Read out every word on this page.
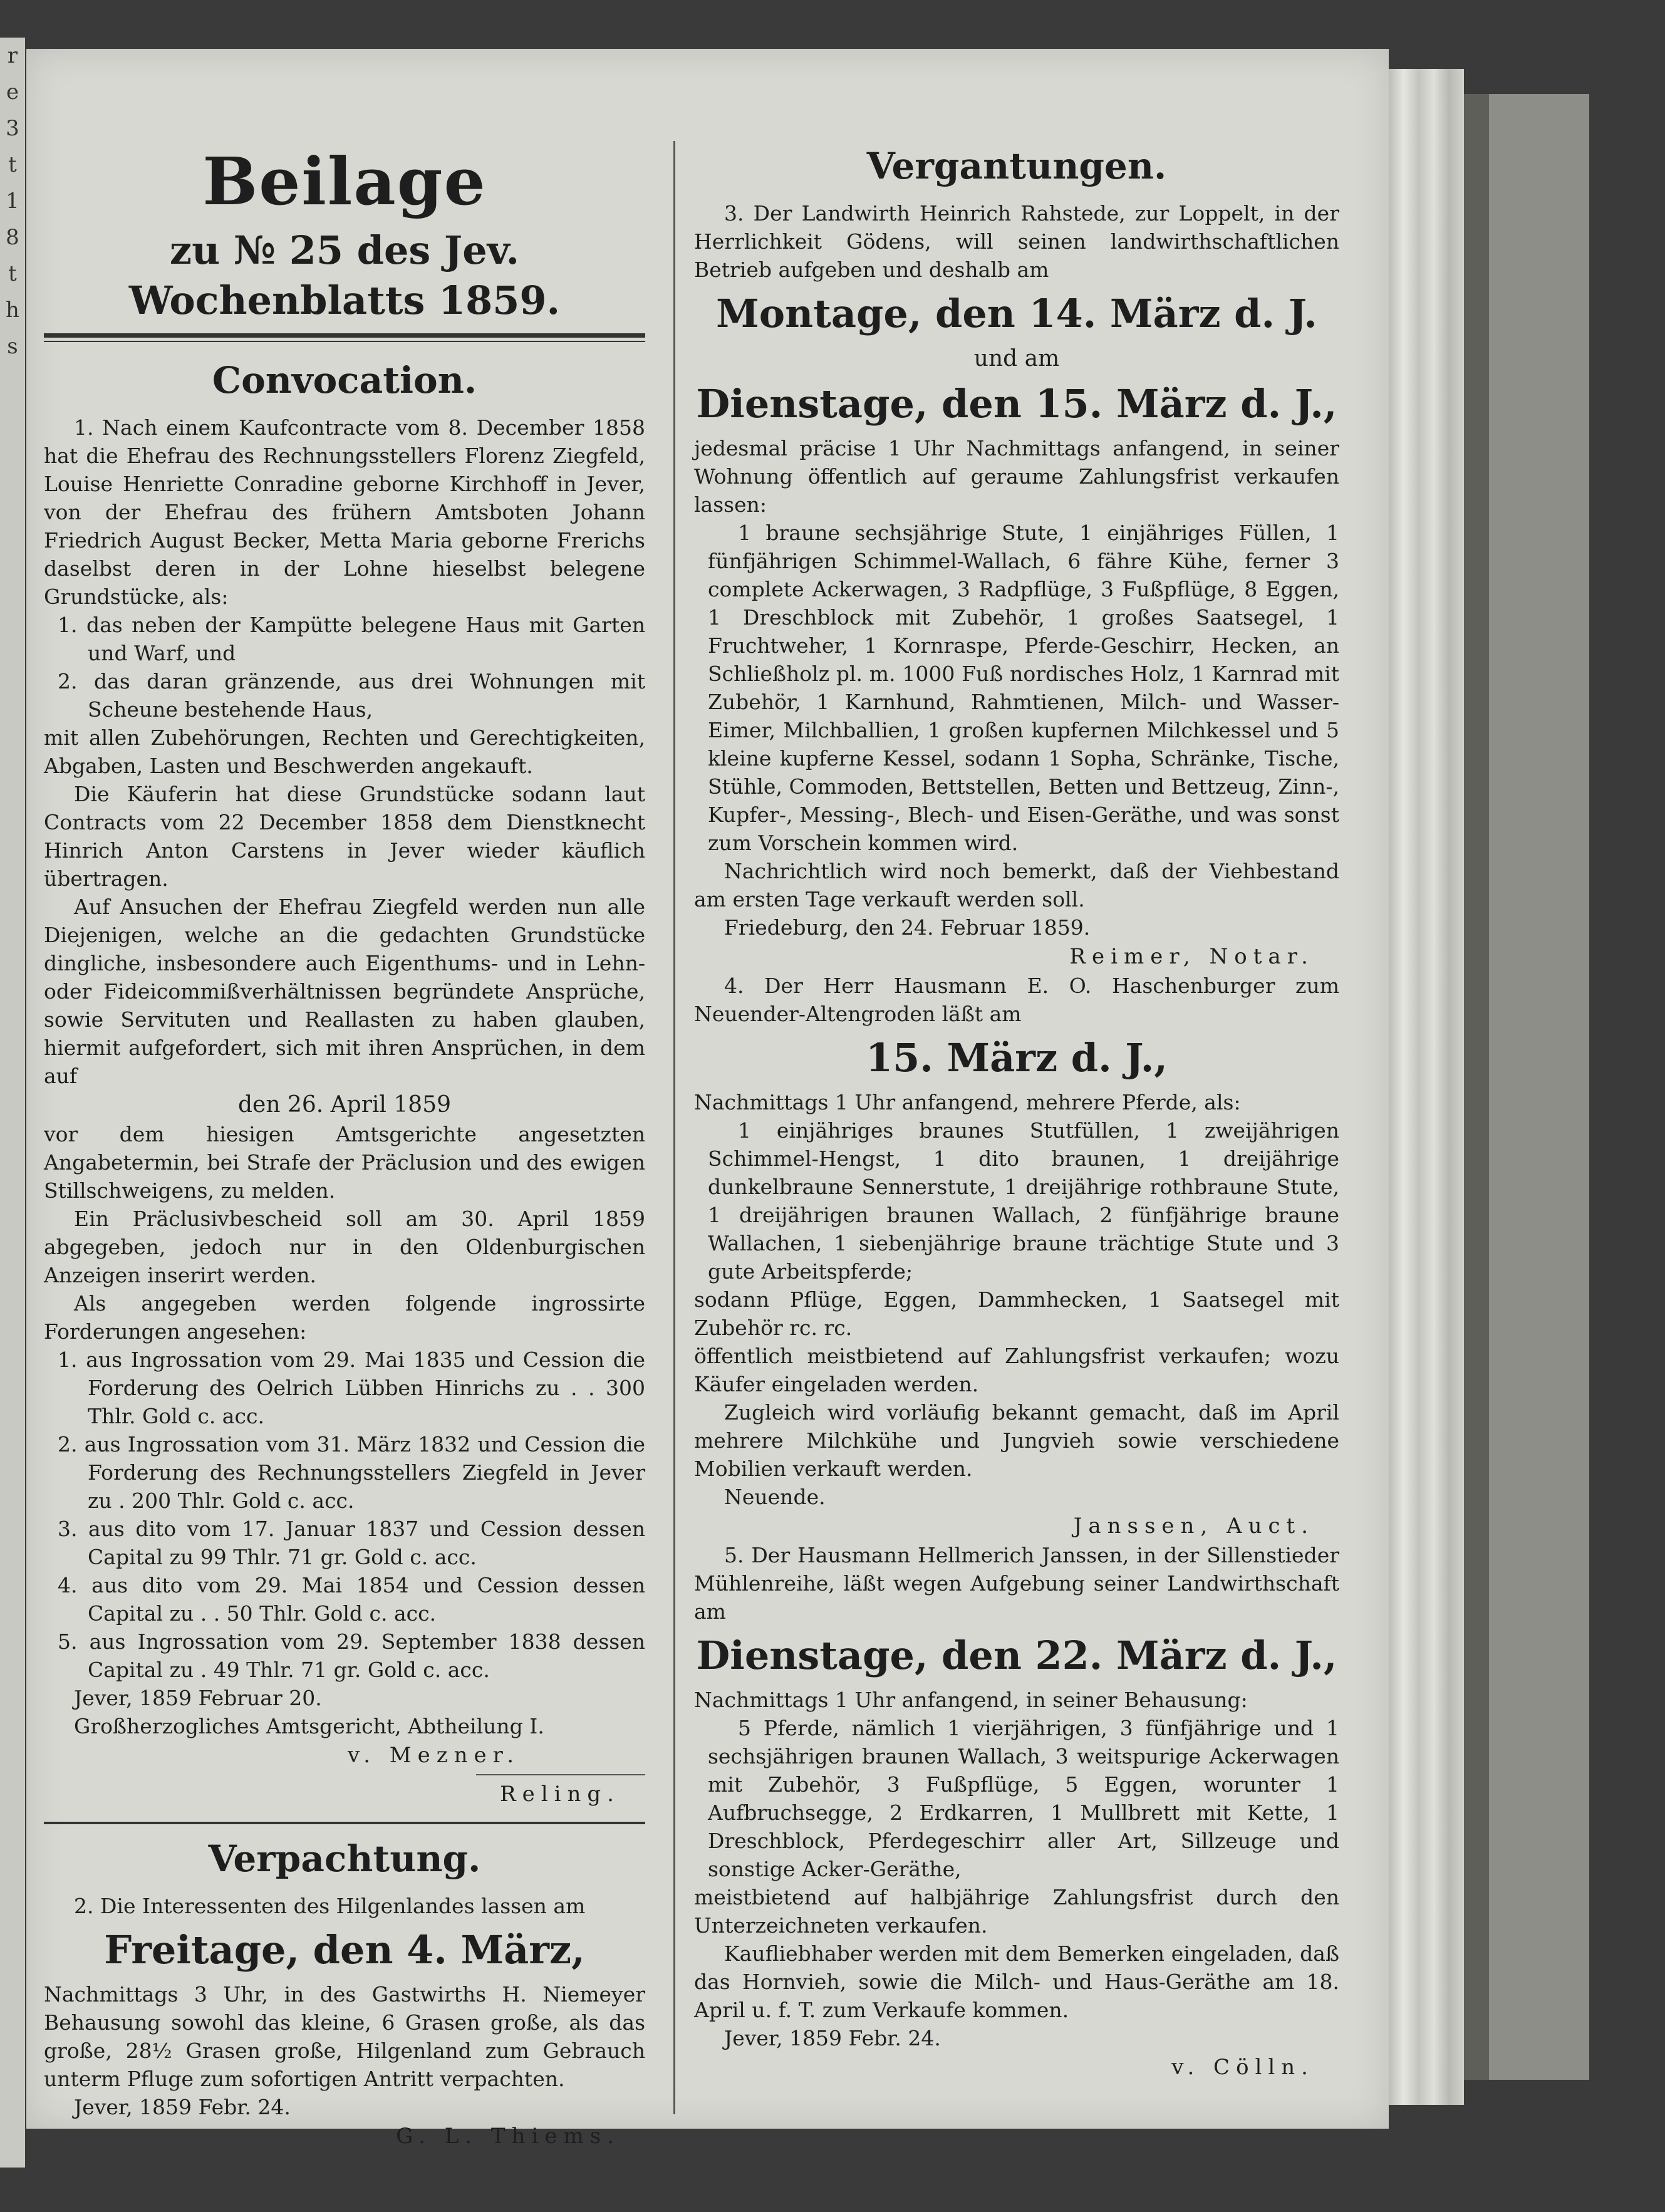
r
e
3
t
1
8
t
h
s
Beilage
zu № 25 des Jev. Wochenblatts 1859.
Convocation.

1. Nach einem Kaufcontracte vom 8. December 1858 hat die Ehefrau des Rechnungsstellers Florenz Ziegfeld, Louise Henriette Conradine geborne Kirchhoff in Jever, von der Ehefrau des frühern Amtsboten Johann Friedrich August Becker, Metta Maria geborne Frerichs daselbst deren in der Lohne hieselbst belegene Grundstücke, als:

1. das neben der Kampütte belegene Haus mit Garten und Warf, und

2. das daran gränzende, aus drei Wohnungen mit Scheune bestehende Haus,

mit allen Zubehörungen, Rechten und Gerechtigkeiten, Abgaben, Lasten und Beschwerden angekauft.

Die Käuferin hat diese Grundstücke sodann laut Contracts vom 22 December 1858 dem Dienstknecht Hinrich Anton Carstens in Jever wieder käuflich übertragen.

Auf Ansuchen der Ehefrau Ziegfeld werden nun alle Diejenigen, welche an die gedachten Grundstücke dingliche, insbesondere auch Eigenthums- und in Lehn- oder Fideicommißverhältnissen begründete Ansprüche, sowie Servituten und Reallasten zu haben glauben, hiermit aufgefordert, sich mit ihren Ansprüchen, in dem auf

den 26. April 1859

vor dem hiesigen Amtsgerichte angesetzten Angabetermin, bei Strafe der Präclusion und des ewigen Stillschweigens, zu melden.

Ein Präclusivbescheid soll am 30. April 1859 abgegeben, jedoch nur in den Oldenburgischen Anzeigen inserirt werden.

Als angegeben werden folgende ingrossirte Forderungen angesehen:

1. aus Ingrossation vom 29. Mai 1835 und Cession die Forderung des Oelrich Lübben Hinrichs zu . . 300 Thlr. Gold c. acc.

2. aus Ingrossation vom 31. März 1832 und Cession die Forderung des Rechnungsstellers Ziegfeld in Jever zu . 200 Thlr. Gold c. acc.

3. aus dito vom 17. Januar 1837 und Cession dessen Capital zu 99 Thlr. 71 gr. Gold c. acc.

4. aus dito vom 29. Mai 1854 und Cession dessen Capital zu . . 50 Thlr. Gold c. acc.

5. aus Ingrossation vom 29. September 1838 dessen Capital zu . 49 Thlr. 71 gr. Gold c. acc.

Jever, 1859 Februar 20.

Großherzogliches Amtsgericht, Abtheilung I.

v. Mezner.
Reling.
Verpachtung.

2. Die Interessenten des Hilgenlandes lassen am

Freitage, den 4. März,

Nachmittags 3 Uhr, in des Gastwirths H. Niemeyer Behausung sowohl das kleine, 6 Grasen große, als das große, 28½ Grasen große, Hilgenland zum Gebrauch unterm Pfluge zum sofortigen Antritt verpachten.

Jever, 1859 Febr. 24.

G. L. Thiems.
Vergantungen.

3. Der Landwirth Heinrich Rahstede, zur Loppelt, in der Herrlichkeit Gödens, will seinen landwirthschaftlichen Betrieb aufgeben und deshalb am

Montage, den 14. März d. J.
und am
Dienstage, den 15. März d. J.,

jedesmal präcise 1 Uhr Nachmittags anfangend, in seiner Wohnung öffentlich auf geraume Zahlungsfrist verkaufen lassen:

1 braune sechsjährige Stute, 1 einjähriges Füllen, 1 fünfjährigen Schimmel-Wallach, 6 fähre Kühe, ferner 3 complete Ackerwagen, 3 Radpflüge, 3 Fußpflüge, 8 Eggen, 1 Dreschblock mit Zubehör, 1 großes Saatsegel, 1 Fruchtweher, 1 Kornraspe, Pferde-Geschirr, Hecken, an Schließholz pl. m. 1000 Fuß nordisches Holz, 1 Karnrad mit Zubehör, 1 Karnhund, Rahmtienen, Milch- und Wasser-Eimer, Milchballien, 1 großen kupfernen Milchkessel und 5 kleine kupferne Kessel, sodann 1 Sopha, Schränke, Tische, Stühle, Commoden, Bettstellen, Betten und Bettzeug, Zinn-, Kupfer-, Messing-, Blech- und Eisen-Geräthe, und was sonst zum Vorschein kommen wird.

Nachrichtlich wird noch bemerkt, daß der Viehbestand am ersten Tage verkauft werden soll.

Friedeburg, den 24. Februar 1859.

Reimer, Notar.

4. Der Herr Hausmann E. O. Haschenburger zum Neuender-Altengroden läßt am

15. März d. J.,

Nachmittags 1 Uhr anfangend, mehrere Pferde, als:

1 einjähriges braunes Stutfüllen, 1 zweijährigen Schimmel-Hengst, 1 dito braunen, 1 dreijährige dunkelbraune Sennerstute, 1 dreijährige rothbraune Stute, 1 dreijährigen braunen Wallach, 2 fünfjährige braune Wallachen, 1 siebenjährige braune trächtige Stute und 3 gute Arbeitspferde;

sodann Pflüge, Eggen, Dammhecken, 1 Saatsegel mit Zubehör rc. rc.

öffentlich meistbietend auf Zahlungsfrist verkaufen; wozu Käufer eingeladen werden.

Zugleich wird vorläufig bekannt gemacht, daß im April mehrere Milchkühe und Jungvieh sowie verschiedene Mobilien verkauft werden.

Neuende.

Janssen, Auct.

5. Der Hausmann Hellmerich Janssen, in der Sillenstieder Mühlenreihe, läßt wegen Aufgebung seiner Landwirthschaft am

Dienstage, den 22. März d. J.,

Nachmittags 1 Uhr anfangend, in seiner Behausung:

5 Pferde, nämlich 1 vierjährigen, 3 fünfjährige und 1 sechsjährigen braunen Wallach, 3 weitspurige Ackerwagen mit Zubehör, 3 Fußpflüge, 5 Eggen, worunter 1 Aufbruchsegge, 2 Erdkarren, 1 Mullbrett mit Kette, 1 Dreschblock, Pferdegeschirr aller Art, Sillzeuge und sonstige Acker-Geräthe,

meistbietend auf halbjährige Zahlungsfrist durch den Unterzeichneten verkaufen.

Kaufliebhaber werden mit dem Bemerken eingeladen, daß das Hornvieh, sowie die Milch- und Haus-Geräthe am 18. April u. f. T. zum Verkaufe kommen.

Jever, 1859 Febr. 24.

v. Cölln.
